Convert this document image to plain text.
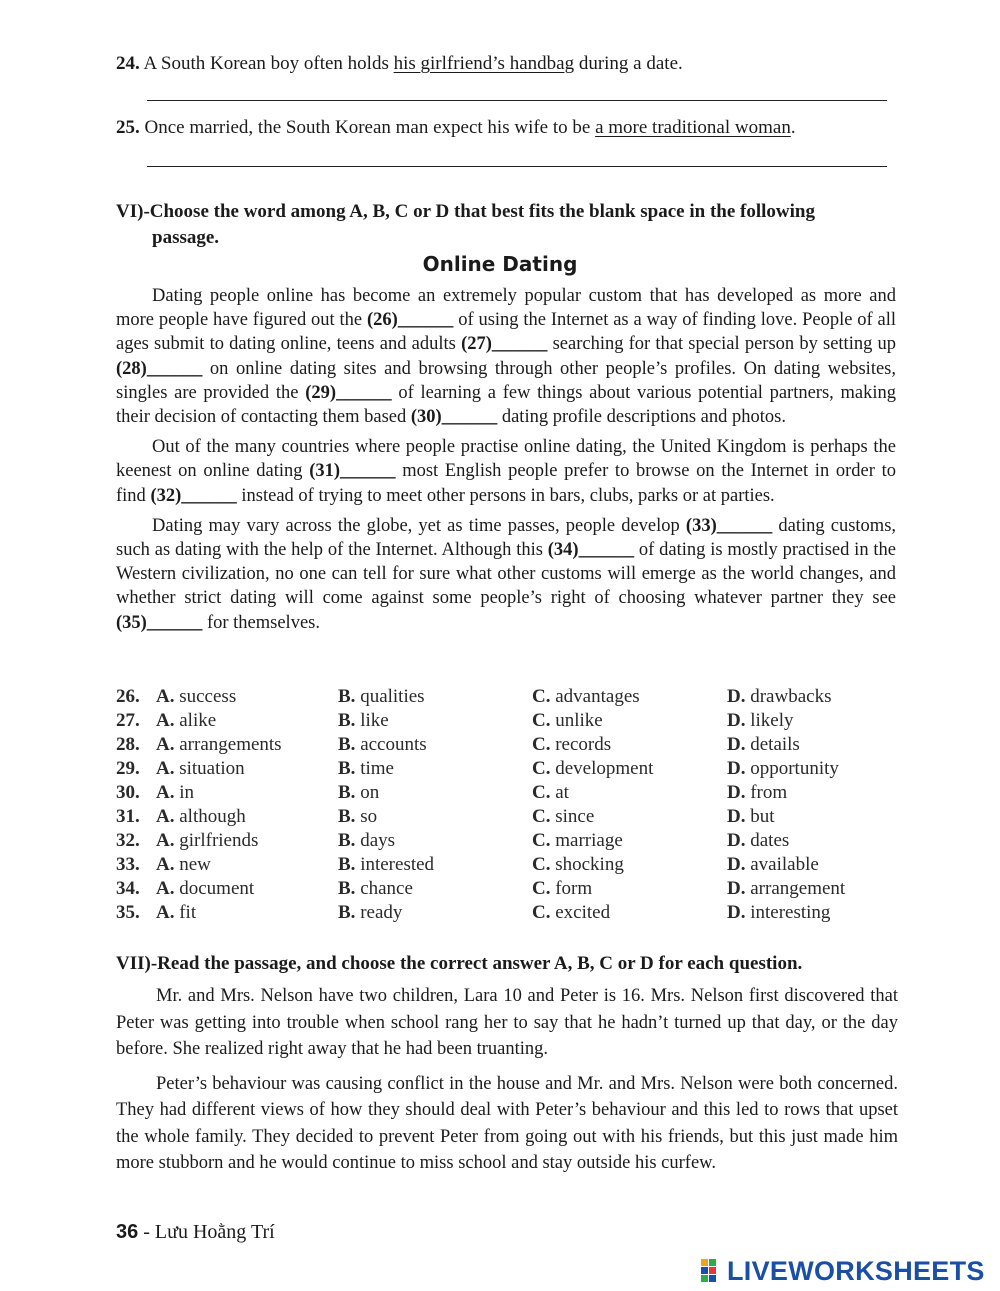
24. A South Korean boy often holds his girlfriend’s handbag during a date.
25. Once married, the South Korean man expect his wife to be a more traditional woman.
VI)-Choose the word among A, B, C or D that best fits the blank space in the following
passage.
Online Dating

Dating people online has become an extremely popular custom that has developed as more and more people have figured out the (26)______ of using the Internet as a way of finding love. People of all ages submit to dating online, teens and adults (27)______ searching for that special person by setting up (28)______ on online dating sites and browsing through other people’s profiles. On dating websites, singles are provided the (29)______ of learning a few things about various potential partners, making their decision of contacting them based (30)______ dating profile descriptions and photos.

Out of the many countries where people practise online dating, the United Kingdom is perhaps the keenest on online dating (31)______ most English people prefer to browse on the Internet in order to find (32)______ instead of trying to meet other persons in bars, clubs, parks or at parties.

Dating may vary across the globe, yet as time passes, people develop (33)______ dating customs, such as dating with the help of the Internet. Although this (34)______ of dating is mostly practised in the Western civilization, no one can tell for sure what other customs will emerge as the world changes, and whether strict dating will come against some people’s right of choosing whatever partner they see (35)______ for themselves.

26. A. success	B. qualities	C. advantages	D. drawbacks
27. A. alike	B. like	C. unlike	D. likely
28. A. arrangements	B. accounts	C. records	D. details
29. A. situation	B. time	C. development	D. opportunity
30. A. in	B. on	C. at	D. from
31. A. although	B. so	C. since	D. but
32. A. girlfriends	B. days	C. marriage	D. dates
33. A. new	B. interested	C. shocking	D. available
34. A. document	B. chance	C. form	D. arrangement
35. A. fit	B. ready	C. excited	D. interesting
VII)-Read the passage, and choose the correct answer A, B, C or D for each question.

Mr. and Mrs. Nelson have two children, Lara 10 and Peter is 16. Mrs. Nelson first discovered that Peter was getting into trouble when school rang her to say that he hadn’t turned up that day, or the day before. She realized right away that he had been truanting.

Peter’s behaviour was causing conflict in the house and Mr. and Mrs. Nelson were both concerned. They had different views of how they should deal with Peter’s behaviour and this led to rows that upset the whole family. They decided to prevent Peter from going out with his friends, but this just made him more stubborn and he would continue to miss school and stay outside his curfew.

36 - Lưu Hoằng Trí
LIVEWORKSHEETS
